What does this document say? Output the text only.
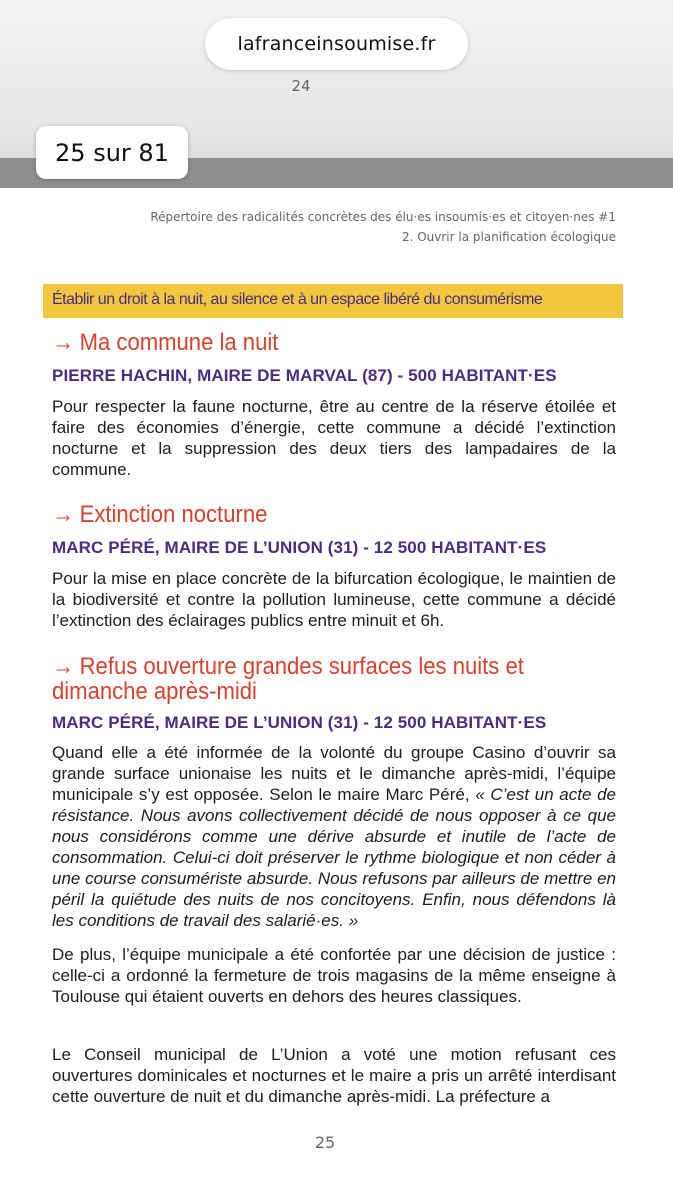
lafranceinsoumise.fr
24
25 sur 81
Répertoire des radicalités concrètes des élu·es insoumis·es et citoyen·nes #1
2. Ouvrir la planification écologique
Établir un droit à la nuit, au silence et à un espace libéré du consumérisme
→ Ma commune la nuit
PIERRE HACHIN, MAIRE DE MARVAL (87) - 500 HABITANT·ES
Pour respecter la faune nocturne, être au centre de la réserve étoilée et faire des économies d’énergie, cette commune a décidé l’extinction nocturne et la suppression des deux tiers des lampadaires de la commune.
→ Extinction nocturne
MARC PÉRÉ, MAIRE DE L’UNION (31) - 12 500 HABITANT·ES
Pour la mise en place concrète de la bifurcation écologique, le maintien de la biodiversité et contre la pollution lumineuse, cette commune a décidé l’extinction des éclairages publics entre minuit et 6h.
→ Refus ouverture grandes surfaces les nuits et dimanche après-midi
MARC PÉRÉ, MAIRE DE L’UNION (31) - 12 500 HABITANT·ES
Quand elle a été informée de la volonté du groupe Casino d’ouvrir sa grande surface unionaise les nuits et le dimanche après-midi, l’équipe municipale s’y est opposée. Selon le maire Marc Péré, « C’est un acte de résistance. Nous avons collectivement décidé de nous opposer à ce que nous considérons comme une dérive absurde et inutile de l’acte de consommation. Celui-ci doit préserver le rythme biologique et non céder à une course consumériste absurde. Nous refusons par ailleurs de mettre en péril la quiétude des nuits de nos concitoyens. Enfin, nous défendons là les conditions de travail des salarié·es. »
De plus, l’équipe municipale a été confortée par une décision de justice : celle-ci a ordonné la fermeture de trois magasins de la même enseigne à Toulouse qui étaient ouverts en dehors des heures classiques.
Le Conseil municipal de L’Union a voté une motion refusant ces ouvertures dominicales et nocturnes et le maire a pris un arrêté interdisant cette ouverture de nuit et du dimanche après-midi. La préfecture a
25
